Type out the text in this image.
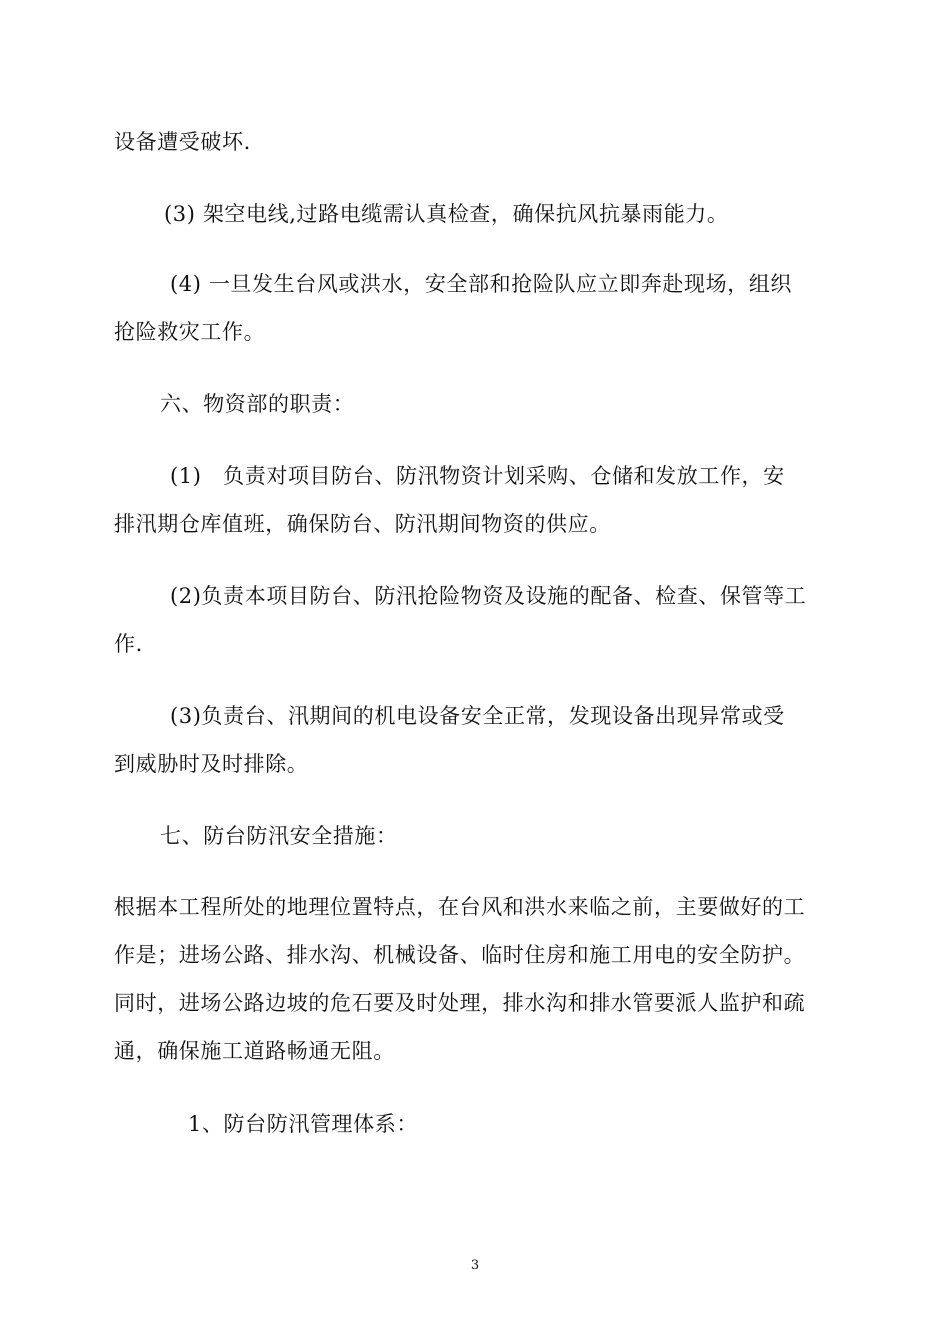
设备遭受破坏.
(3) 架空电线,过路电缆需认真检查，确保抗风抗暴雨能力。
(4) 一旦发生台风或洪水，安全部和抢险队应立即奔赴现场，组织
抢险救灾工作。
六、物资部的职责：
(1)　负责对项目防台、防汛物资计划采购、仓储和发放工作，安
排汛期仓库值班，确保防台、防汛期间物资的供应。
(2)负责本项目防台、防汛抢险物资及设施的配备、检查、保管等工
作.
(3)负责台、汛期间的机电设备安全正常，发现设备出现异常或受
到威胁时及时排除。
七、防台防汛安全措施：
根据本工程所处的地理位置特点，在台风和洪水来临之前，主要做好的工
作是；进场公路、排水沟、机械设备、临时住房和施工用电的安全防护。
同时，进场公路边坡的危石要及时处理，排水沟和排水管要派人监护和疏
通，确保施工道路畅通无阻。
1、防台防汛管理体系：
3
